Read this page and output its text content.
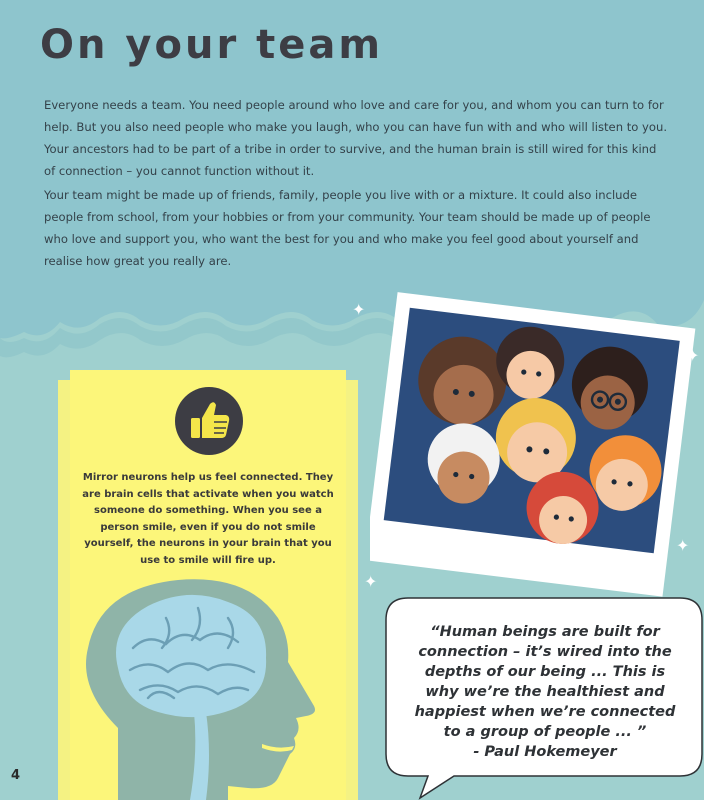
On your team

Everyone needs a team. You need people around who love and care for you, and whom you can turn to for help. But you also need people who make you laugh, who you can have fun with and who will listen to you. Your ancestors had to be part of a tribe in order to survive, and the human brain is still wired for this kind of connection – you cannot function without it.

Your team might be made up of friends, family, people you live with or a mixture. It could also include people from school, from your hobbies or from your community. Your team should be made up of people who love and support you, who want the best for you and who make you feel good about yourself and realise how great you really are.

Mirror neurons help us feel connected. They are brain cells that activate when you watch someone do something. When you see a person smile, even if you do not smile yourself, the neurons in your brain that you use to smile will fire up.

✦
✦
✦
✦

“Human beings are built for connection – it’s wired into the depths of our being ... This is why we’re the healthiest and happiest when we’re connected to a group of people ... ”
- Paul Hokemeyer

4
